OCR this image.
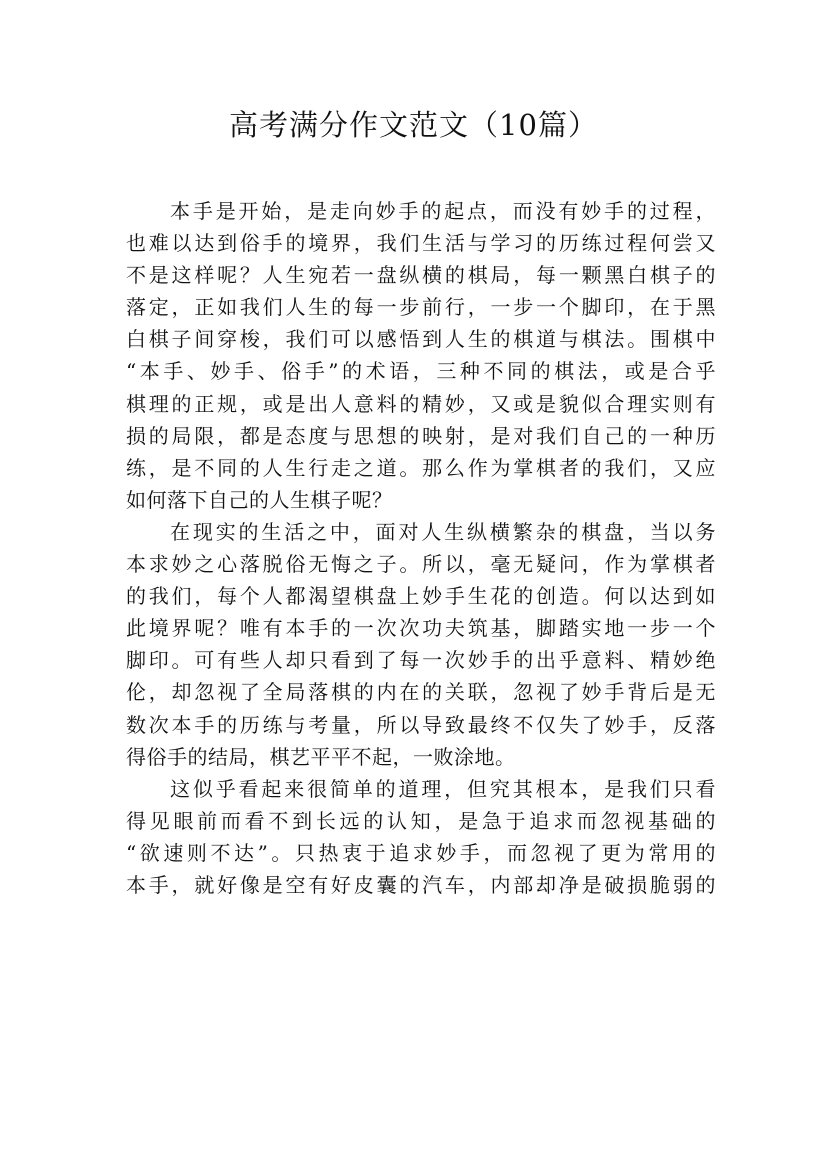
高考满分作文范文（10篇）
本手是开始，是走向妙手的起点，而没有妙手的过程，
也难以达到俗手的境界，我们生活与学习的历练过程何尝又
不是这样呢？人生宛若一盘纵横的棋局，每一颗黑白棋子的
落定，正如我们人生的每一步前行，一步一个脚印，在于黑
白棋子间穿梭，我们可以感悟到人生的棋道与棋法。围棋中
“本手、妙手、俗手”的术语，三种不同的棋法，或是合乎
棋理的正规，或是出人意料的精妙，又或是貌似合理实则有
损的局限，都是态度与思想的映射，是对我们自己的一种历
练，是不同的人生行走之道。那么作为掌棋者的我们，又应
如何落下自己的人生棋子呢？
在现实的生活之中，面对人生纵横繁杂的棋盘，当以务
本求妙之心落脱俗无悔之子。所以，毫无疑问，作为掌棋者
的我们，每个人都渴望棋盘上妙手生花的创造。何以达到如
此境界呢？唯有本手的一次次功夫筑基，脚踏实地一步一个
脚印。可有些人却只看到了每一次妙手的出乎意料、精妙绝
伦，却忽视了全局落棋的内在的关联，忽视了妙手背后是无
数次本手的历练与考量，所以导致最终不仅失了妙手，反落
得俗手的结局，棋艺平平不起，一败涂地。
这似乎看起来很简单的道理，但究其根本，是我们只看
得见眼前而看不到长远的认知，是急于追求而忽视基础的
“欲速则不达”。只热衷于追求妙手，而忽视了更为常用的
本手，就好像是空有好皮囊的汽车，内部却净是破损脆弱的
